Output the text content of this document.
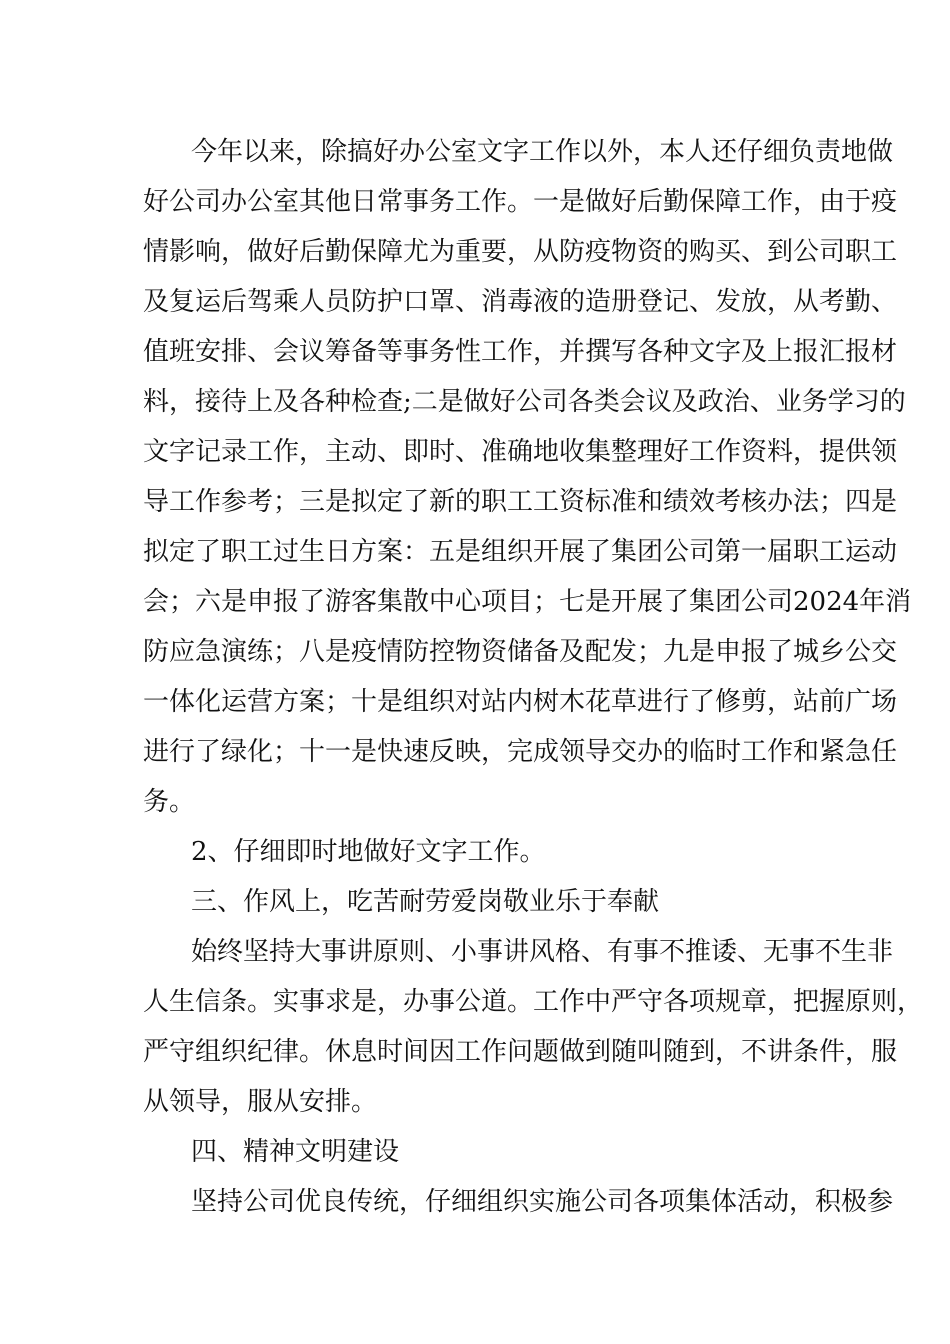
今年以来，除搞好办公室文字工作以外，本人还仔细负责地做
好公司办公室其他日常事务工作。一是做好后勤保障工作，由于疫
情影响，做好后勤保障尤为重要，从防疫物资的购买、到公司职工
及复运后驾乘人员防护口罩、消毒液的造册登记、发放，从考勤、
值班安排、会议筹备等事务性工作，并撰写各种文字及上报汇报材
料，接待上及各种检查;二是做好公司各类会议及政治、业务学习的
文字记录工作，主动、即时、准确地收集整理好工作资料，提供领
导工作参考；三是拟定了新的职工工资标准和绩效考核办法；四是
拟定了职工过生日方案：五是组织开展了集团公司第一届职工运动
会；六是申报了游客集散中心项目；七是开展了集团公司2024年消
防应急演练；八是疫情防控物资储备及配发；九是申报了城乡公交
一体化运营方案；十是组织对站内树木花草进行了修剪，站前广场
进行了绿化；十一是快速反映，完成领导交办的临时工作和紧急任
务。
2、仔细即时地做好文字工作。
三、作风上，吃苦耐劳爱岗敬业乐于奉献
始终坚持大事讲原则、小事讲风格、有事不推诿、无事不生非
人生信条。实事求是，办事公道。工作中严守各项规章，把握原则，
严守组织纪律。休息时间因工作问题做到随叫随到，不讲条件，服
从领导，服从安排。
四、精神文明建设
坚持公司优良传统，仔细组织实施公司各项集体活动，积极参
